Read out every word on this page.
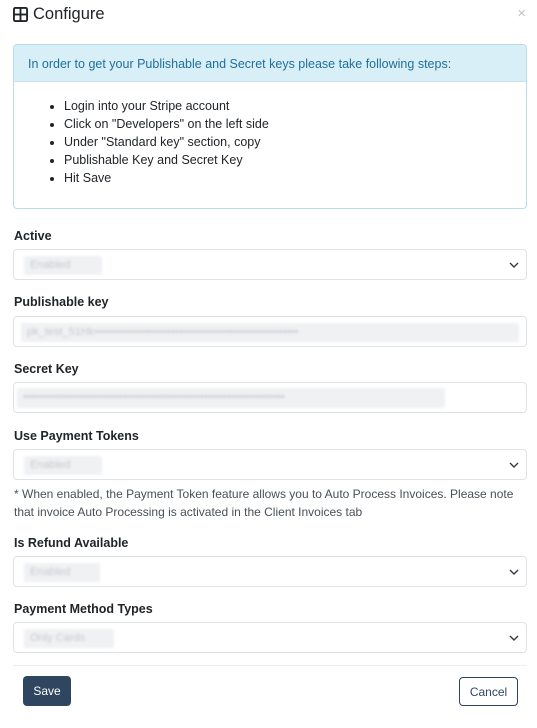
Configure	×
In order to get your Publishable and Secret keys please take following steps:
• Login into your Stripe account
• Click on "Developers" on the left side
• Under "Standard key" section, copy
• Publishable Key and Secret Key
• Hit Save
Active
Enabled
Publishable key
pk_test_51Hk•••••••••••••••••••••••••••••••••••••••••••••••••••••
Secret Key
••••••••••••••••••••••••••••••••••••••••••••••••••••••••••••••••••••
Use Payment Tokens
Enabled
* When enabled, the Payment Token feature allows you to Auto Process Invoices. Please note that invoice Auto Processing is activated in the Client Invoices tab
Is Refund Available
Enabled
Payment Method Types
Only Cards
Save	Cancel
